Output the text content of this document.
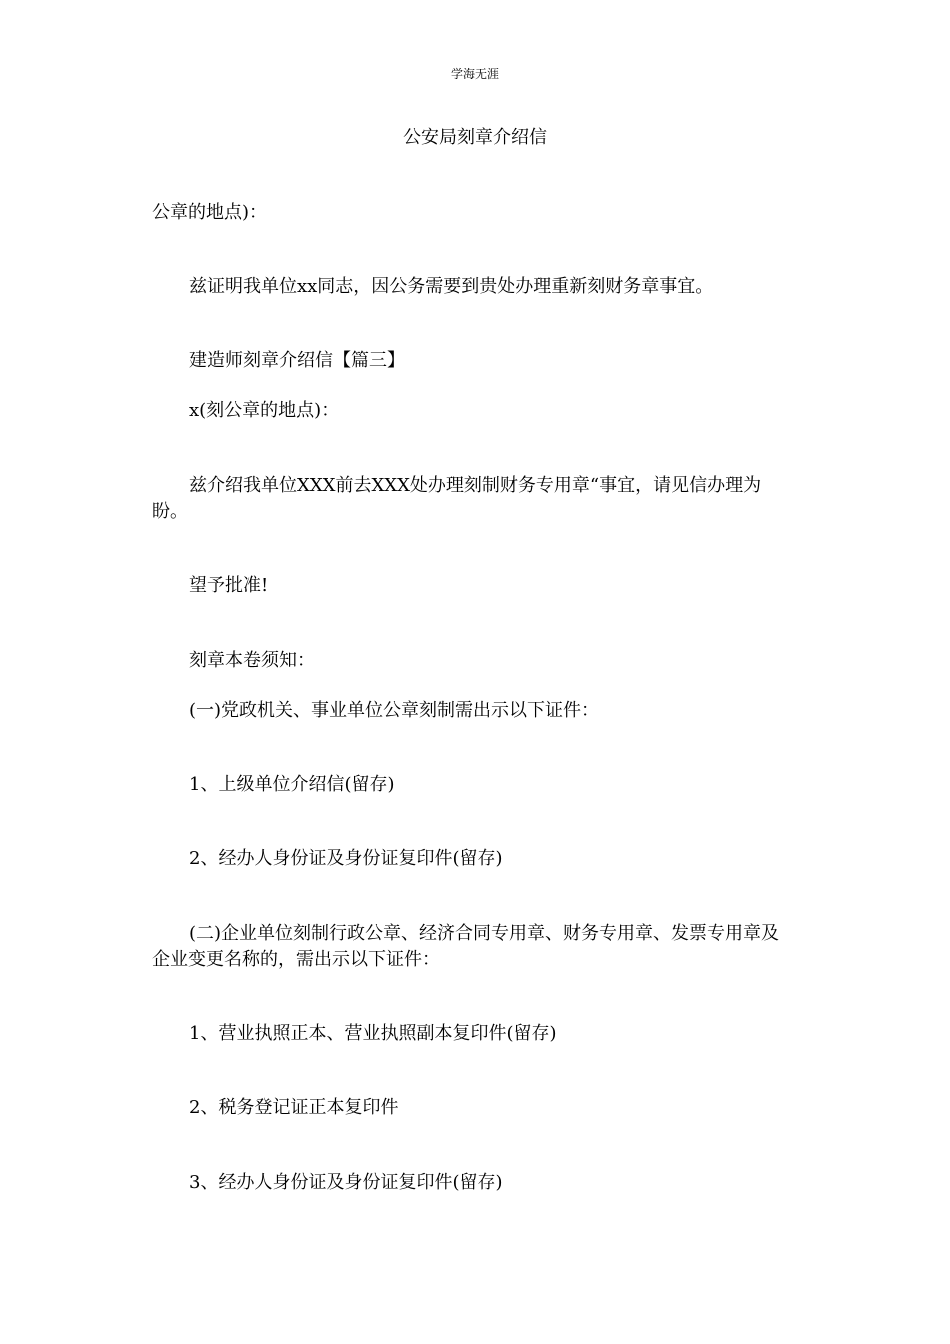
学海无涯
公安局刻章介绍信

公章的地点)：

兹证明我单位xx同志，因公务需要到贵处办理重新刻财务章事宜。

建造师刻章介绍信【篇三】

x(刻公章的地点)：

兹介绍我单位XXX前去XXX处办理刻制财务专用章“事宜，请见信办理为盼。

望予批准!

刻章本卷须知：

(一)党政机关、事业单位公章刻制需出示以下证件：

1、上级单位介绍信(留存)

2、经办人身份证及身份证复印件(留存)

(二)企业单位刻制行政公章、经济合同专用章、财务专用章、发票专用章及企业变更名称的，需出示以下证件：

1、营业执照正本、营业执照副本复印件(留存)

2、税务登记证正本复印件

3、经办人身份证及身份证复印件(留存)
